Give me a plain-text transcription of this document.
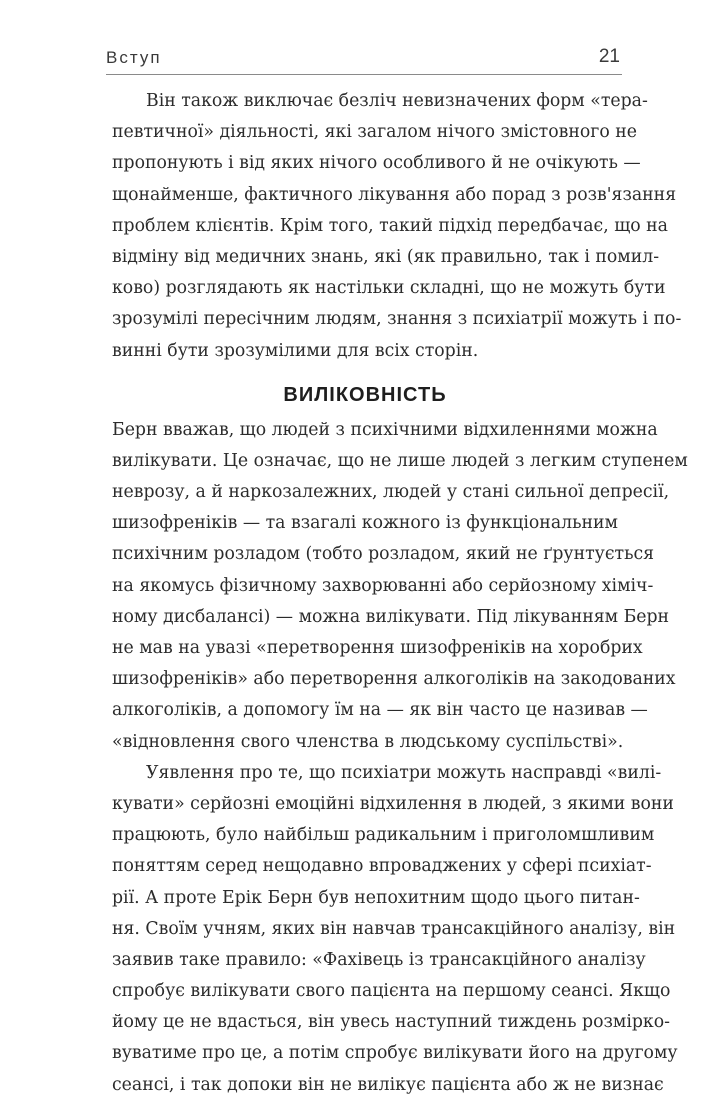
Вступ	21
Він також виключає безліч невизначених форм «тера-
певтичної» діяльності, які загалом нічого змістовного не
пропонують і від яких нічого особливого й не очікують —
щонайменше, фактичного лікування або порад з розв'язання
проблем клієнтів. Крім того, такий підхід передбачає, що на
відміну від медичних знань, які (як правильно, так і помил-
ково) розглядають як настільки складні, що не можуть бути
зрозумілі пересічним людям, знання з психіатрії можуть і по-
винні бути зрозумілими для всіх сторін.
ВИЛІКОВНІСТЬ
Берн вважав, що людей з психічними відхиленнями можна
вилікувати. Це означає, що не лише людей з легким ступенем
неврозу, а й наркозалежних, людей у стані сильної депресії,
шизофреніків — та взагалі кожного із функціональним
психічним розладом (тобто розладом, який не ґрунтується
на якомусь фізичному захворюванні або серйозному хіміч-
ному дисбалансі) — можна вилікувати. Під лікуванням Берн
не мав на увазі «перетворення шизофреніків на хоробрих
шизофреніків» або перетворення алкоголіків на закодованих
алкоголіків, а допомогу їм на — як він часто це називав —
«відновлення свого членства в людському суспільстві».
Уявлення про те, що психіатри можуть насправді «вилі-
кувати» серйозні емоційні відхилення в людей, з якими вони
працюють, було найбільш радикальним і приголомшливим
поняттям серед нещодавно впроваджених у сфері психіат-
рії. А проте Ерік Берн був непохитним щодо цього питан-
ня. Своїм учням, яких він навчав трансакційного аналізу, він
заявив таке правило: «Фахівець із трансакційного аналізу
спробує вилікувати свого пацієнта на першому сеансі. Якщо
йому це не вдасться, він увесь наступний тиждень розмірко-
вуватиме про це, а потім спробує вилікувати його на другому
сеансі, і так допоки він не вилікує пацієнта або ж не визнає
